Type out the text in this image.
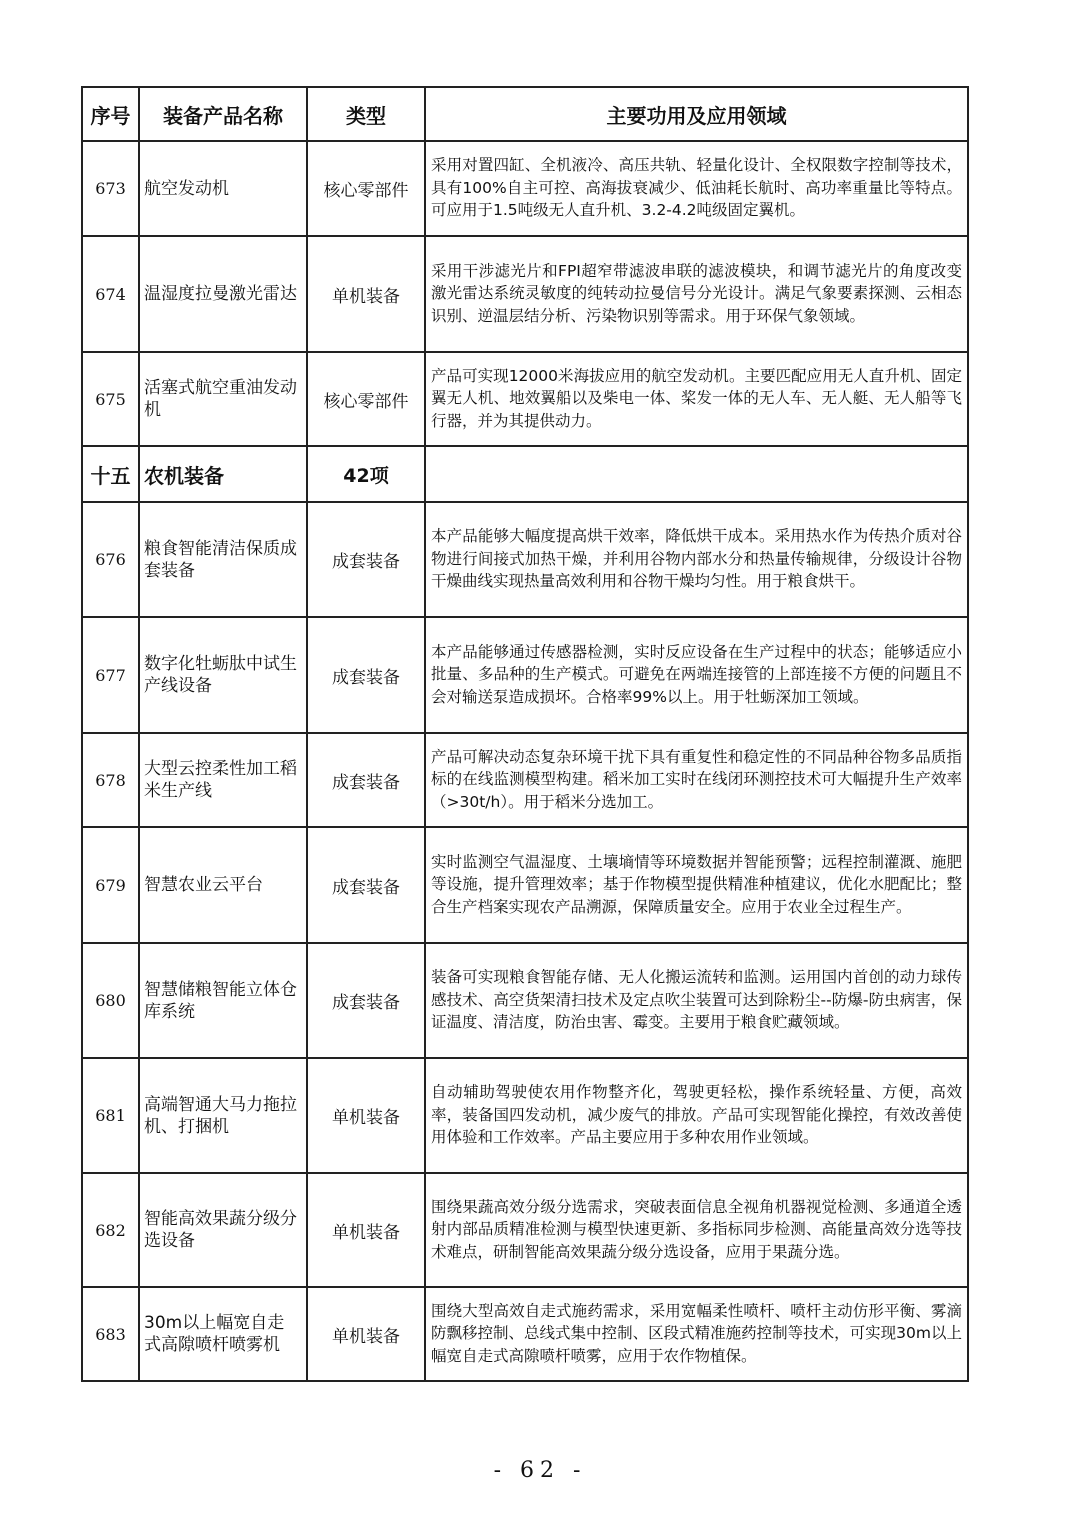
序号	装备产品名称	类型	主要功用及应用领域
673	航空发动机	核心零部件	采用对置四缸、全机液冷、高压共轨、轻量化设计、全权限数字控制等技术，具有100%自主可控、高海拔衰减少、低油耗长航时、高功率重量比等特点。可应用于1.5吨级无人直升机、3.2-4.2吨级固定翼机。
674	温湿度拉曼激光雷达	单机装备	采用干涉滤光片和FPI超窄带滤波串联的滤波模块，和调节滤光片的角度改变激光雷达系统灵敏度的纯转动拉曼信号分光设计。满足气象要素探测、云相态识别、逆温层结分析、污染物识别等需求。用于环保气象领域。
675	活塞式航空重油发动机	核心零部件	产品可实现12000米海拔应用的航空发动机。主要匹配应用无人直升机、固定翼无人机、地效翼船以及柴电一体、桨发一体的无人车、无人艇、无人船等飞行器，并为其提供动力。
十五	农机装备	42项	
676	粮食智能清洁保质成套装备	成套装备	本产品能够大幅度提高烘干效率，降低烘干成本。采用热水作为传热介质对谷物进行间接式加热干燥，并利用谷物内部水分和热量传输规律，分级设计谷物干燥曲线实现热量高效利用和谷物干燥均匀性。用于粮食烘干。
677	数字化牡蛎肽中试生产线设备	成套装备	本产品能够通过传感器检测，实时反应设备在生产过程中的状态；能够适应小批量、多品种的生产模式。可避免在两端连接管的上部连接不方便的问题且不会对输送泵造成损坏。合格率99%以上。用于牡蛎深加工领域。
678	大型云控柔性加工稻米生产线	成套装备	产品可解决动态复杂环境干扰下具有重复性和稳定性的不同品种谷物多品质指标的在线监测模型构建。稻米加工实时在线闭环测控技术可大幅提升生产效率（>30t/h）。用于稻米分选加工。
679	智慧农业云平台	成套装备	实时监测空气温湿度、土壤墒情等环境数据并智能预警；远程控制灌溉、施肥等设施，提升管理效率；基于作物模型提供精准种植建议，优化水肥配比；整合生产档案实现农产品溯源，保障质量安全。应用于农业全过程生产。
680	智慧储粮智能立体仓库系统	成套装备	装备可实现粮食智能存储、无人化搬运流转和监测。运用国内首创的动力球传感技术、高空货架清扫技术及定点吹尘装置可达到除粉尘--防爆-防虫病害，保证温度、清洁度，防治虫害、霉变。主要用于粮食贮藏领域。
681	高端智通大马力拖拉机、打捆机	单机装备	自动辅助驾驶使农用作物整齐化，驾驶更轻松，操作系统轻量、方便，高效率，装备国四发动机，减少废气的排放。产品可实现智能化操控，有效改善使用体验和工作效率。产品主要应用于多种农用作业领域。
682	智能高效果蔬分级分选设备	单机装备	围绕果蔬高效分级分选需求，突破表面信息全视角机器视觉检测、多通道全透射内部品质精准检测与模型快速更新、多指标同步检测、高能量高效分选等技术难点，研制智能高效果蔬分级分选设备，应用于果蔬分选。
683	30m以上幅宽自走式高隙喷杆喷雾机	单机装备	围绕大型高效自走式施药需求，采用宽幅柔性喷杆、喷杆主动仿形平衡、雾滴防飘移控制、总线式集中控制、区段式精准施药控制等技术，可实现30m以上幅宽自走式高隙喷杆喷雾，应用于农作物植保。
- 62 -
